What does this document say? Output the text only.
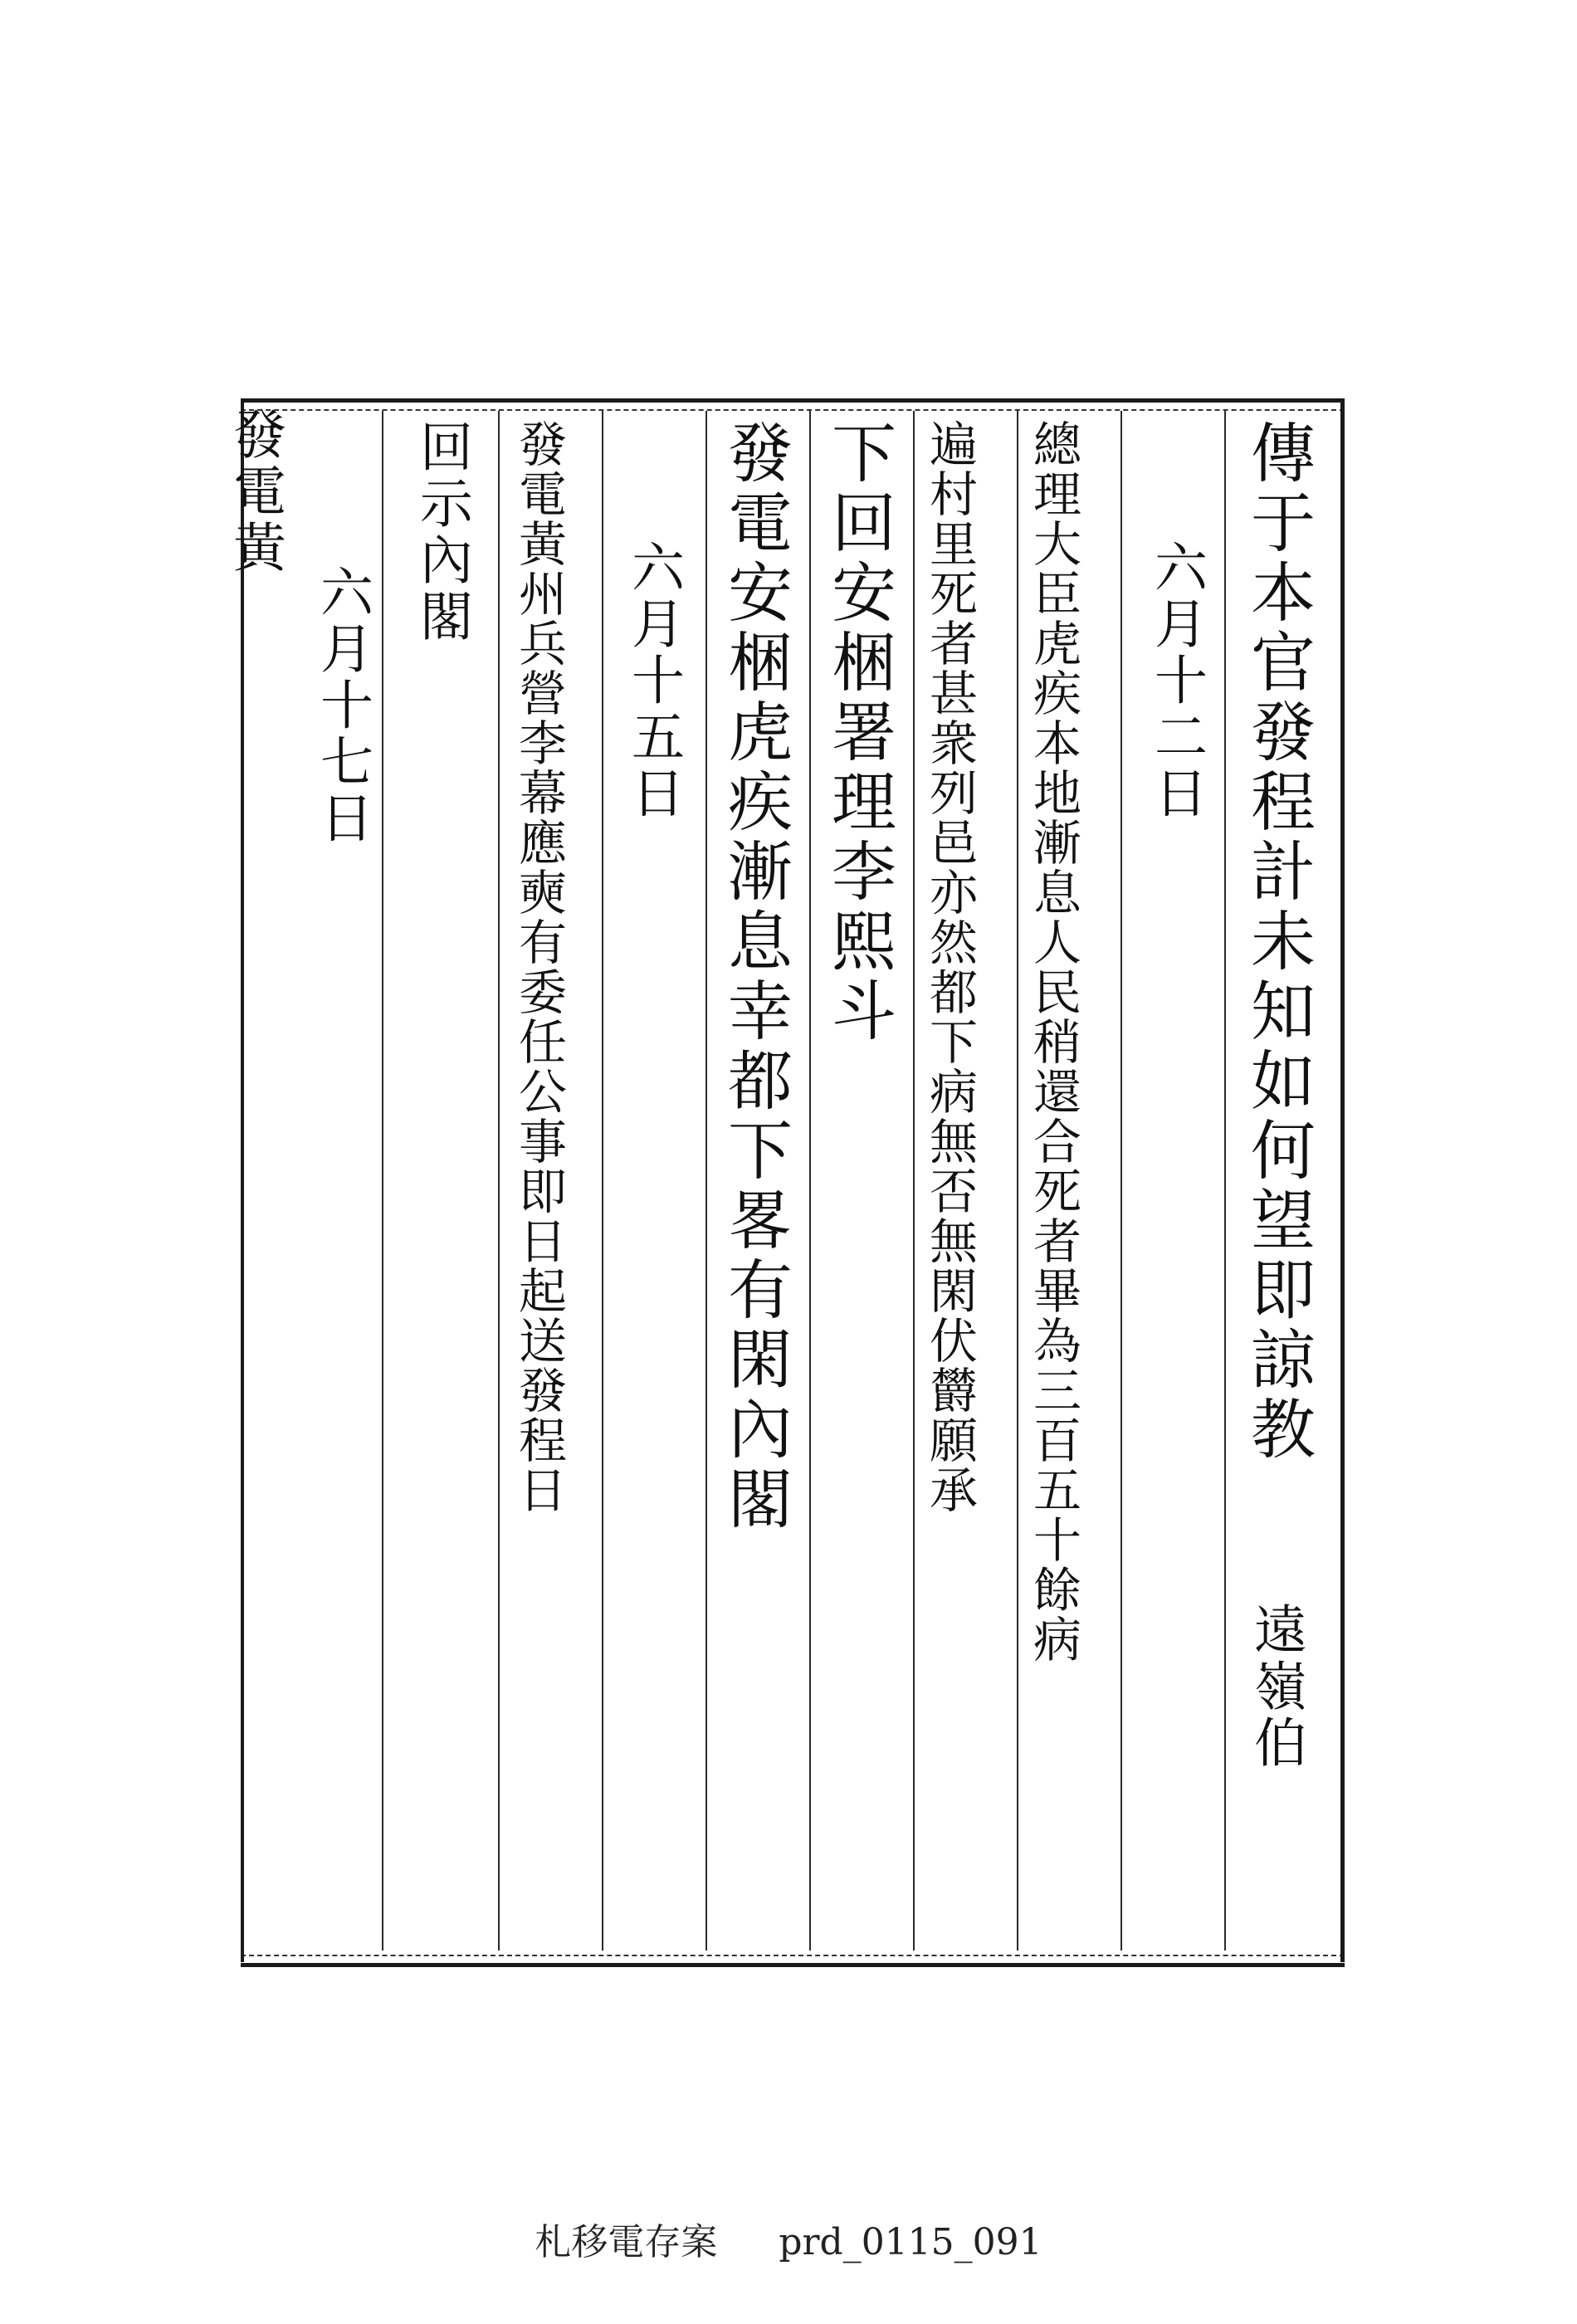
傳于本官發程計未知如何望即諒教
遠嶺伯
六月十二日
總理大臣虎疾本地漸息人民稍還合死者畢為三百五十餘病
遍村里死者甚衆列邑亦然都下病無否無閑伏欝願承
下回安梱署理李熙斗
發電安梱虎疾漸息幸都下畧有閑內閣
六月十五日
發電黃州兵營李幕應奭有委任公事即日起送發程日
回示內閣
六月十七日
發電黃
札移電存案 prd_0115_091
